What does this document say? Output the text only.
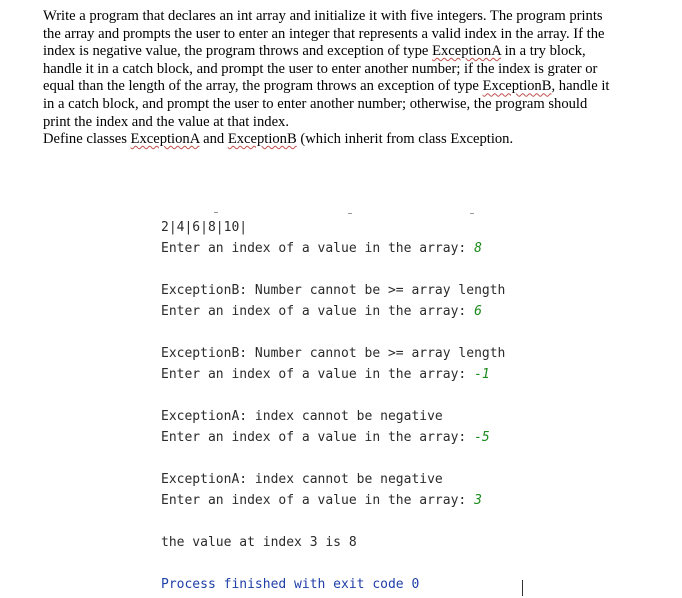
Write a program that declares an int array and initialize it with five integers. The program prints

the array and prompts the user to enter an integer that represents a valid index in the array. If the

index is negative value, the program throws and exception of type ExceptionA in a try block,

handle it in a catch block, and prompt the user to enter another number; if the index is grater or

equal than the length of the array, the program throws an exception of type ExceptionB, handle it

in a catch block, and prompt the user to enter another number; otherwise, the program should

print the index and the value at that index.

Define classes ExceptionA and ExceptionB (which inherit from class Exception.

2|4|6|8|10|
Enter an index of a value in the array: 8
ExceptionB: Number cannot be >= array length
Enter an index of a value in the array: 6
ExceptionB: Number cannot be >= array length
Enter an index of a value in the array: -1
ExceptionA: index cannot be negative
Enter an index of a value in the array: -5
ExceptionA: index cannot be negative
Enter an index of a value in the array: 3
the value at index 3 is 8
Process finished with exit code 0
